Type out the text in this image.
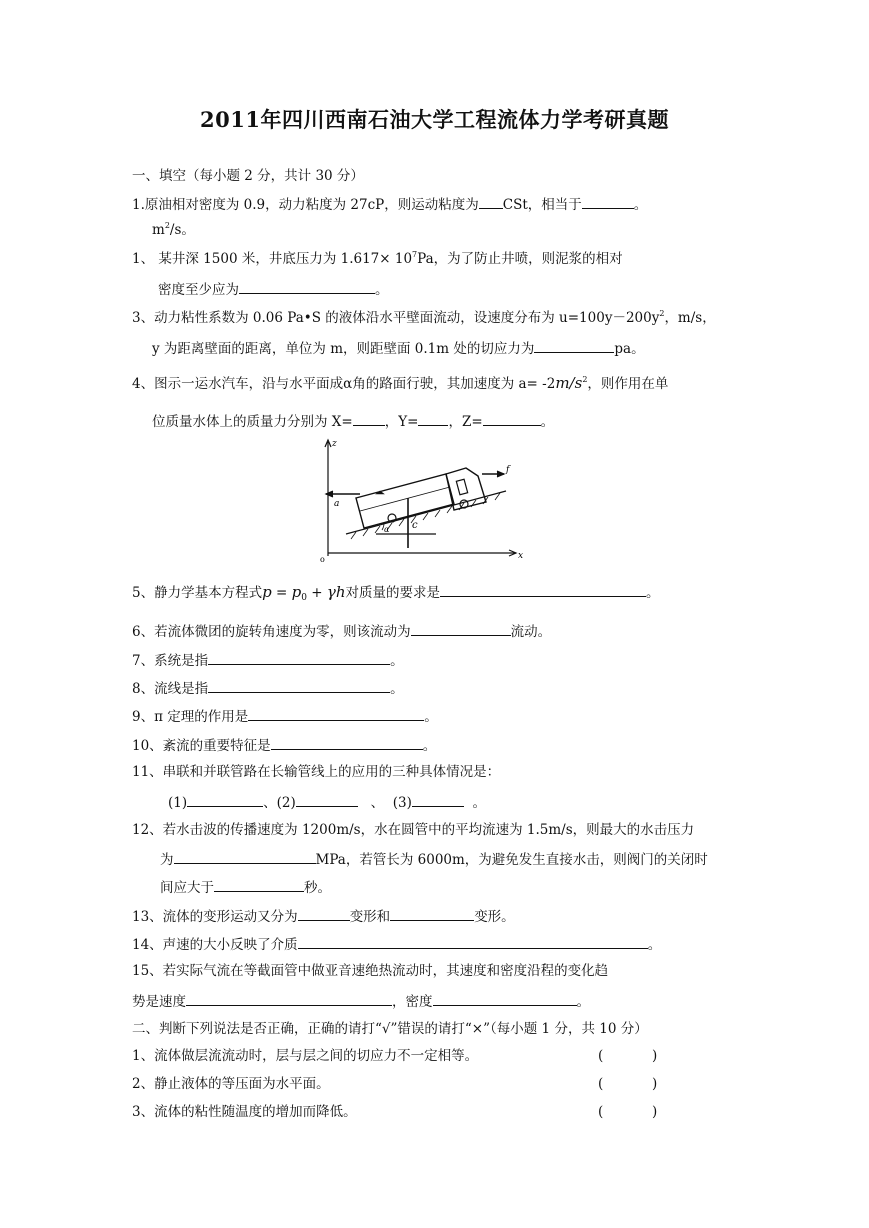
2011年四川西南石油大学工程流体力学考研真题
一、填空（每小题 2 分，共计 30 分）
1.原油相对密度为 0.9，动力粘度为 27cP，则运动粘度为 CSt，相当于	。
$m^2/s$。
1、 某井深 1500 米，井底压力为 $1.617\times 10^7Pa$，为了防止井喷，则泥浆的相对
密度至少应为	。
3、动力粘性系数为 0.06 Pa•S 的液体沿水平壁面流动，设速度分布为 $u=100y-200y^2$，m/s，
y 为距离壁面的距离，单位为 m，则距壁面 0.1m 处的切应力为	pa。
4、图示一运水汽车，沿与水平面成α角的路面行驶，其加速度为 $a= -2m/s^2$，则作用在单
位质量水体上的质量力分别为 X= ，Y= ，Z=	。
z
x
a
f
c
α
o
5、静力学基本方程式$p = p_0 + \gamma h$对质量的要求是	。
6、若流体微团的旋转角速度为零，则该流动为	流动。
7、系统是指	。
8、流线是指	。
9、π 定理的作用是	。
10、紊流的重要特征是	。
11、串联和并联管路在长输管线上的应用的三种具体情况是：
(1)	、(2)	、 (3)	。
12、若水击波的传播速度为 1200m/s，水在圆管中的平均流速为 1.5m/s，则最大的水击压力
为	MPa，若管长为 6000m，为避免发生直接水击，则阀门的关闭时
间应大于	秒。
13、流体的变形运动又分为	变形和	变形。
14、声速的大小反映了介质	。
15、若实际气流在等截面管中做亚音速绝热流动时，其速度和密度沿程的变化趋
势是速度	，密度	。
二、判断下列说法是否正确，正确的请打“√”错误的请打“×”（每小题 1 分，共 10 分）
1、流体做层流流动时，层与层之间的切应力不一定相等。	(	)
2、静止液体的等压面为水平面。	(	)
3、流体的粘性随温度的增加而降低。	(	)
